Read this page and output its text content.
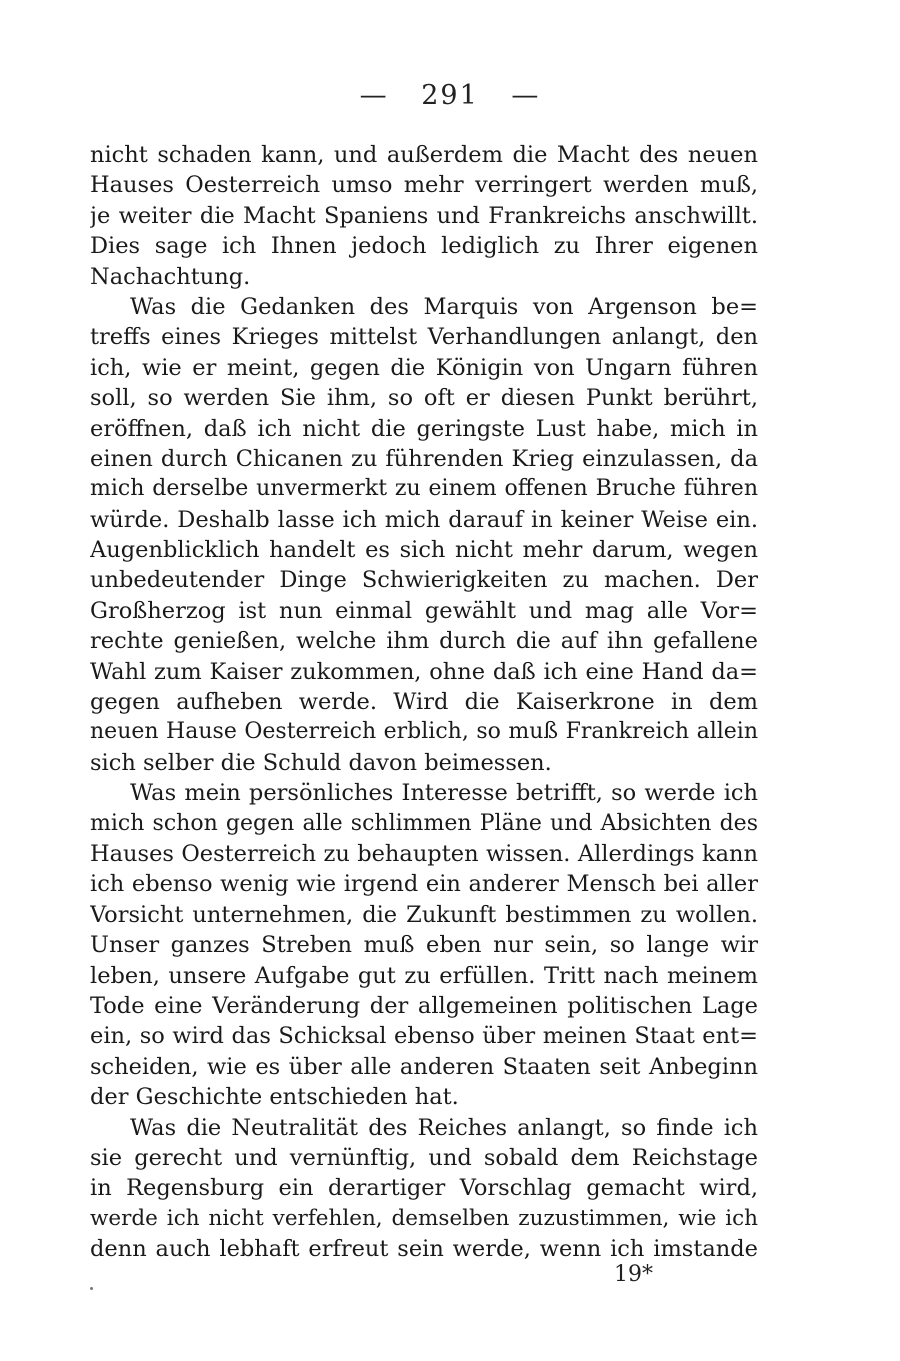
— 291 —
nicht schaden kann, und außerdem die Macht des neuen
Hauses Oesterreich umso mehr verringert werden muß,
je weiter die Macht Spaniens und Frankreichs anschwillt.
Dies sage ich Ihnen jedoch lediglich zu Ihrer eigenen
Nachachtung.
Was die Gedanken des Marquis von Argenson be=
treffs eines Krieges mittelst Verhandlungen anlangt, den
ich, wie er meint, gegen die Königin von Ungarn führen
soll, so werden Sie ihm, so oft er diesen Punkt berührt,
eröffnen, daß ich nicht die geringste Lust habe, mich in
einen durch Chicanen zu führenden Krieg einzulassen, da
mich derselbe unvermerkt zu einem offenen Bruche führen
würde. Deshalb lasse ich mich darauf in keiner Weise ein.
Augenblicklich handelt es sich nicht mehr darum, wegen
unbedeutender Dinge Schwierigkeiten zu machen. Der
Großherzog ist nun einmal gewählt und mag alle Vor=
rechte genießen, welche ihm durch die auf ihn gefallene
Wahl zum Kaiser zukommen, ohne daß ich eine Hand da=
gegen aufheben werde. Wird die Kaiserkrone in dem
neuen Hause Oesterreich erblich, so muß Frankreich allein
sich selber die Schuld davon beimessen.
Was mein persönliches Interesse betrifft, so werde ich
mich schon gegen alle schlimmen Pläne und Absichten des
Hauses Oesterreich zu behaupten wissen. Allerdings kann
ich ebenso wenig wie irgend ein anderer Mensch bei aller
Vorsicht unternehmen, die Zukunft bestimmen zu wollen.
Unser ganzes Streben muß eben nur sein, so lange wir
leben, unsere Aufgabe gut zu erfüllen. Tritt nach meinem
Tode eine Veränderung der allgemeinen politischen Lage
ein, so wird das Schicksal ebenso über meinen Staat ent=
scheiden, wie es über alle anderen Staaten seit Anbeginn
der Geschichte entschieden hat.
Was die Neutralität des Reiches anlangt, so finde ich
sie gerecht und vernünftig, und sobald dem Reichstage
in Regensburg ein derartiger Vorschlag gemacht wird,
werde ich nicht verfehlen, demselben zuzustimmen, wie ich
denn auch lebhaft erfreut sein werde, wenn ich imstande
19*
